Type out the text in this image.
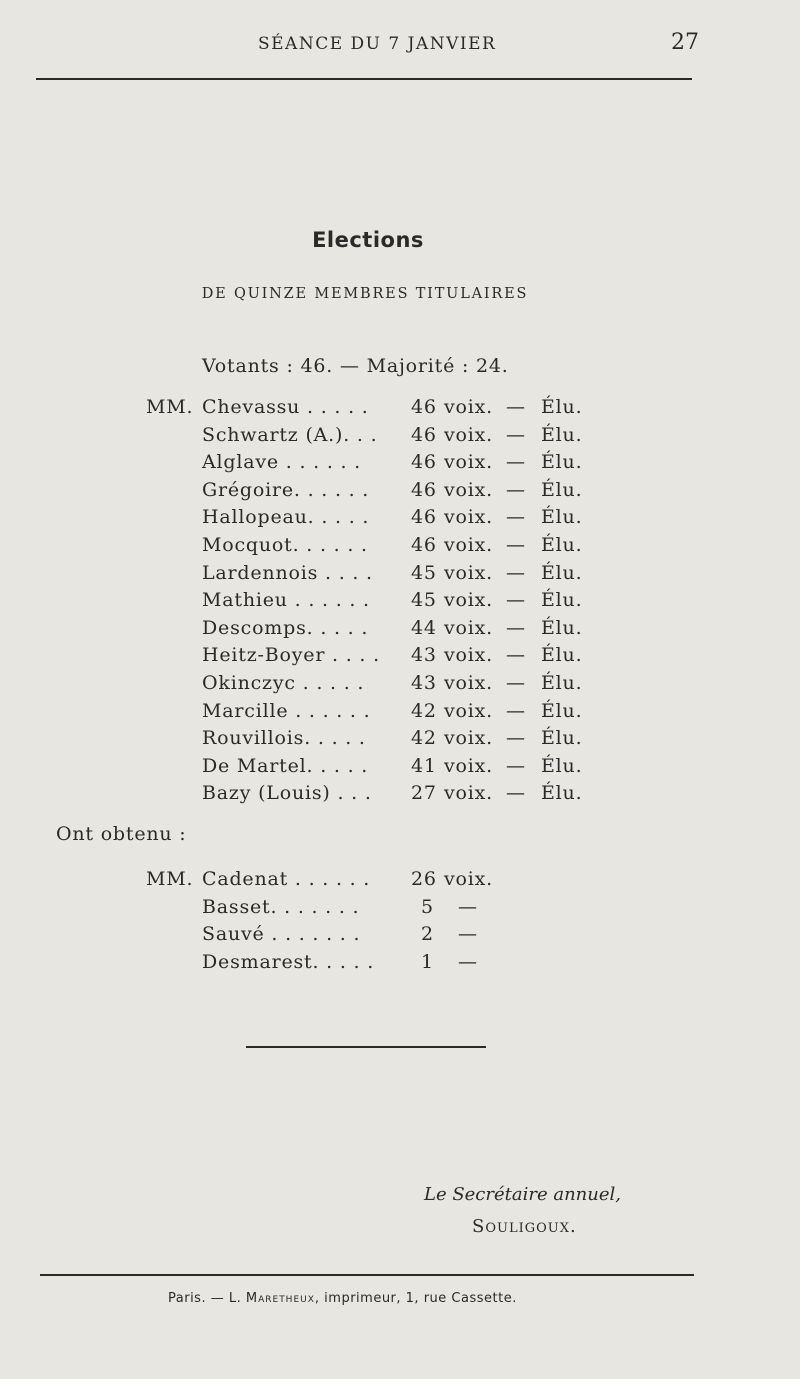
SÉANCE DU 7 JANVIER	27
Elections
DE QUINZE MEMBRES TITULAIRES
Votants : 46. — Majorité : 24.
MM. Chevassu . . . . . 46 voix. — Élu.
Schwartz (A.). . . 46 voix. — Élu.
Alglave . . . . . .	46 voix. — Élu.
Grégoire. . . . . . 46 voix. — Élu.
Hallopeau. . . . . 46 voix. — Élu.
Mocquot. . . . . . 46 voix. — Élu.
Lardennois . . . . 45 voix. — Élu.
Mathieu . . . . . . 45 voix. — Élu.
Descomps. . . . . 44 voix. — Élu.
Heitz-Boyer . . . . 43 voix. — Élu.
Okinczyc . . . . . 43 voix. — Élu.
Marcille . . . . . . 42 voix. — Élu.
Rouvillois. . . . . 42 voix. — Élu.
De Martel. . . . . 41 voix. — Élu.
Bazy (Louis) . . . 27 voix. — Élu.
Ont obtenu :
MM. Cadenat . . . . . . 26 voix.
Basset. . . . . . .	5 —
Sauvé . . . . . . .	2 —
Desmarest. . . . . 1 —
Le Secrétaire annuel,
Souligoux.
Paris. — L. Maretheux, imprimeur, 1, rue Cassette.
